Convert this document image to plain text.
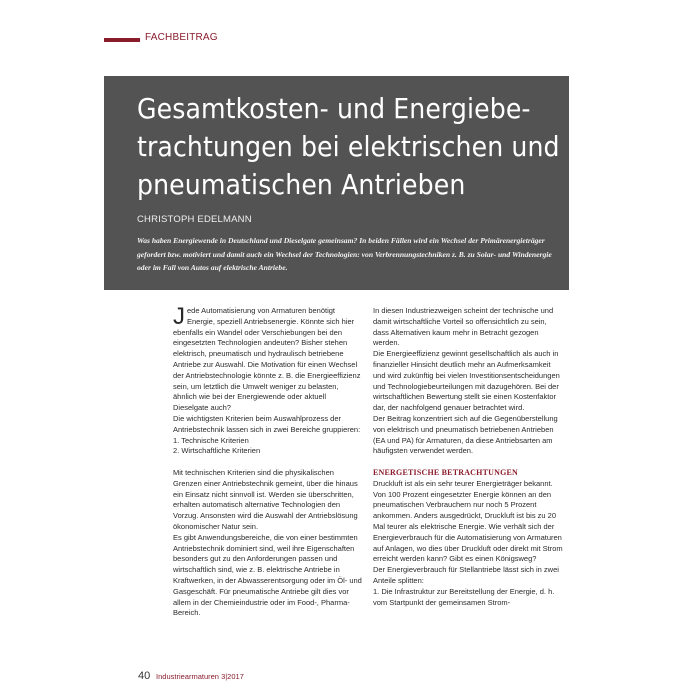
FACHBEITRAG
Gesamtkosten- und Energiebe-
trachtungen bei elektrischen und
pneumatischen Antrieben
CHRISTOPH EDELMANN

Was haben Energiewende in Deutschland und Dieselgate gemeinsam? In beiden Fällen wird ein Wechsel der Primärenergieträger gefordert bzw. motiviert und damit auch ein Wechsel der Technologien: von Verbrennungstechniken z. B. zu Solar- und Windenergie oder im Fall von Autos auf elektrische Antriebe.

Jede Automatisierung von Armaturen benötigt Energie, speziell Antriebsenergie. Könnte sich hier ebenfalls ein Wandel oder Verschiebungen bei den eingesetzten Technologien andeuten? Bisher stehen elektrisch, pneumatisch und hydraulisch betriebene Antriebe zur Auswahl. Die Motivation für einen Wechsel der Antriebstechnologie könnte z. B. die Energieeffizienz sein, um letztlich die Umwelt weniger zu belasten, ähnlich wie bei der Energiewende oder aktuell Dieselgate auch?

Die wichtigsten Kriterien beim Auswahlprozess der Antriebstechnik lassen sich in zwei Bereiche gruppieren:

1. Technische Kriterien

2. Wirtschaftliche Kriterien

Mit technischen Kriterien sind die physikalischen Grenzen einer Antriebstechnik gemeint, über die hinaus ein Einsatz nicht sinnvoll ist. Werden sie überschritten, erhalten automatisch alternative Technologien den Vorzug. Ansonsten wird die Auswahl der Antriebslösung ökonomischer Natur sein.

Es gibt Anwendungsbereiche, die von einer bestimmten Antriebstechnik dominiert sind, weil ihre Eigenschaften besonders gut zu den Anforderungen passen und wirtschaftlich sind, wie z. B. elektrische Antriebe in Kraftwerken, in der Abwasserentsorgung oder im Öl- und Gasgeschäft. Für pneumatische Antriebe gilt dies vor allem in der Chemieindustrie oder im Food-, Pharma- Bereich.

In diesen Industriezweigen scheint der technische und damit wirtschaftliche Vorteil so offensichtlich zu sein, dass Alternativen kaum mehr in Betracht gezogen werden.

Die Energieeffizienz gewinnt gesellschaftlich als auch in finanzieller Hinsicht deutlich mehr an Aufmerksamkeit und wird zukünftig bei vielen Investitionsentscheidungen und Technologiebeurteilungen mit dazugehören. Bei der wirtschaftlichen Bewertung stellt sie einen Kostenfaktor dar, der nachfolgend genauer betrachtet wird.

Der Beitrag konzentriert sich auf die Gegenüberstellung von elektrisch und pneumatisch betriebenen Antrieben (EA und PA) für Armaturen, da diese Antriebsarten am häufigsten verwendet werden.

ENERGETISCHE BETRACHTUNGEN

Druckluft ist als ein sehr teurer Energieträger bekannt. Von 100 Prozent eingesetzter Energie können an den pneumatischen Verbrauchern nur noch 5 Prozent ankommen. Anders ausgedrückt, Druckluft ist bis zu 20 Mal teurer als elektrische Energie. Wie verhält sich der Energieverbrauch für die Automatisierung von Armaturen auf Anlagen, wo dies über Druckluft oder direkt mit Strom erreicht werden kann? Gibt es einen Königsweg?

Der Energieverbrauch für Stellantriebe lässt sich in zwei Anteile splitten:

1. Die Infrastruktur zur Bereitstellung der Energie, d. h. vom Startpunkt der gemeinsamen Strom-

40 Industriearmaturen 3|2017
